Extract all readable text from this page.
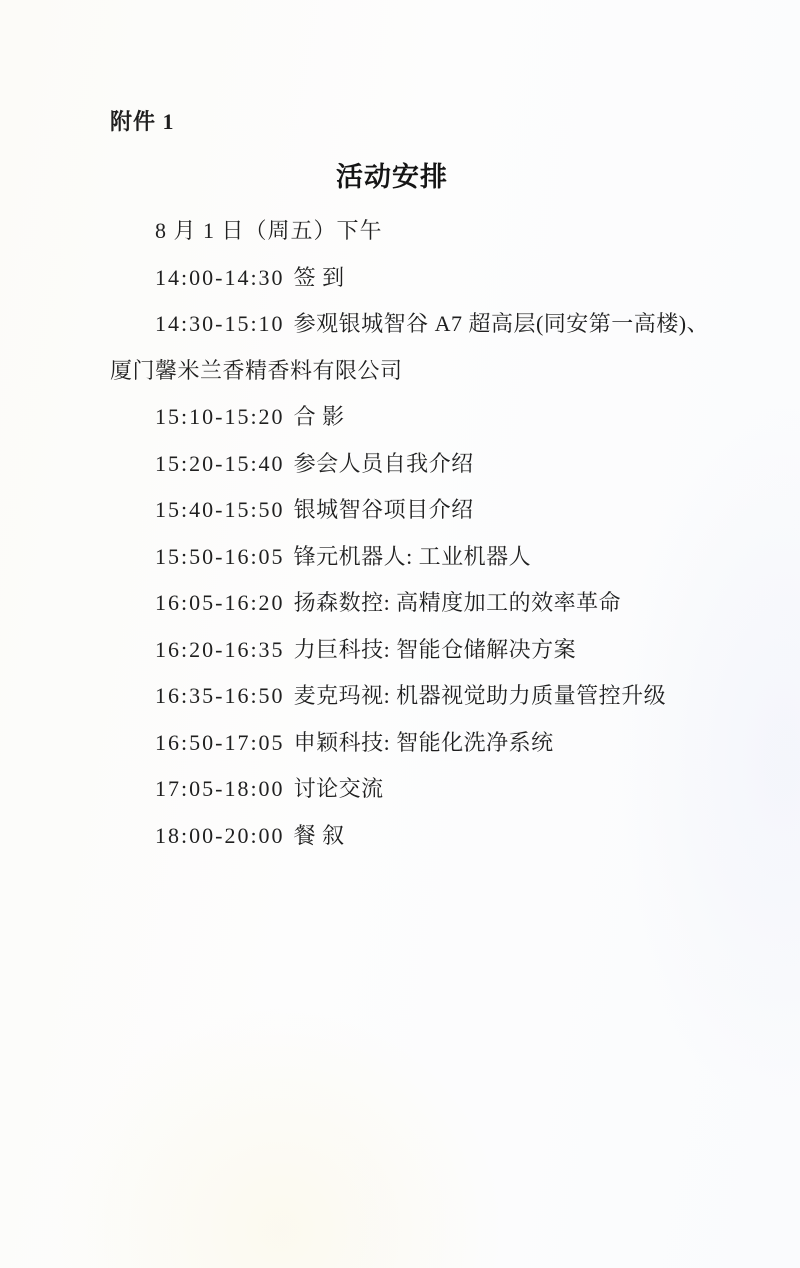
附件 1
活动安排
8 月 1 日（周五）下午
14:00-14:30 签 到
14:30-15:10 参观银城智谷 A7 超高层(同安第一高楼)、
厦门馨米兰香精香料有限公司
15:10-15:20 合 影
15:20-15:40 参会人员自我介绍
15:40-15:50 银城智谷项目介绍
15:50-16:05 锋元机器人: 工业机器人
16:05-16:20 扬森数控: 高精度加工的效率革命
16:20-16:35 力巨科技: 智能仓储解决方案
16:35-16:50 麦克玛视: 机器视觉助力质量管控升级
16:50-17:05 申颖科技: 智能化洗净系统
17:05-18:00 讨论交流
18:00-20:00 餐 叙
